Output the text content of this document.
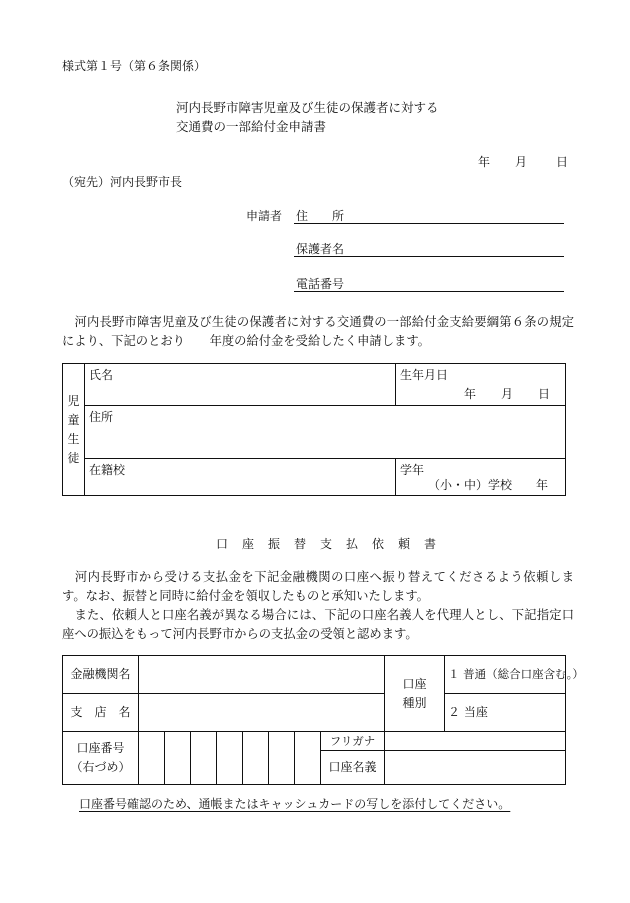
様式第１号（第６条関係）
河内長野市障害児童及び生徒の保護者に対する
交通費の一部給付金申請書
年 月 日
（宛先）河内長野市長
申請者 住　　所
保護者名
電話番号
　河内長野市障害児童及び生徒の保護者に対する交通費の一部給付金支給要綱第６条の規定により、下記のとおり　　年度の給付金を受給したく申請します。
児童生徒	氏名	生年月日
年 月 日

	住所	
	在籍校	学年
（小・中）学校　　年
口座振替支払依頼書
　河内長野市から受ける支払金を下記金融機関の口座へ振り替えてくださるよう依頼します。なお、振替と同時に給付金を領収したものと承知いたします。
　また、依頼人と口座名義が異なる場合には、下記の口座名義人を代理人とし、下記指定口座への振込をもって河内長野市からの支払金の受領と認めます。
金融機関名									口座種別	１ 普通（総合口座含む。）
支　店　名										２ 当座

口座番号
（右づめ）								フリガナ		
								口座名義		
口座番号確認のため、通帳またはキャッシュカードの写しを添付してください。
